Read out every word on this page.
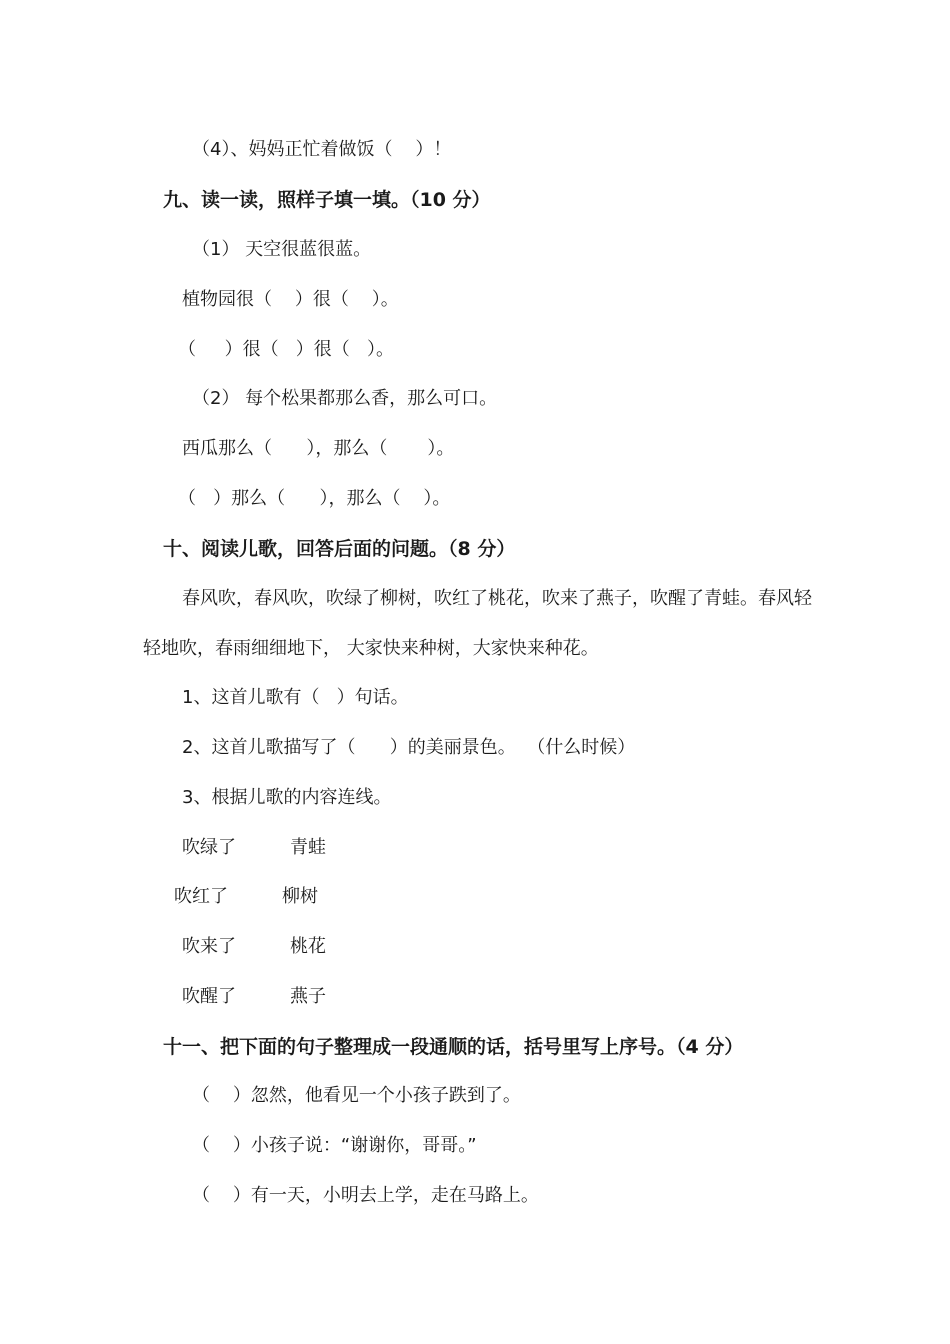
（4）、妈妈正忙着做饭（    ）！
九、读一读，照样子填一填。（10 分）
（1） 天空很蓝很蓝。
植物园很（    ）很（    ）。
（     ）很（   ）很（   ）。
（2） 每个松果都那么香，那么可口。
西瓜那么（      ），那么（       ）。
（   ）那么（      ），那么（    ）。
十、阅读儿歌，回答后面的问题。（8 分）
春风吹，春风吹，吹绿了柳树，吹红了桃花，吹来了燕子，吹醒了青蛙。春风轻
轻地吹，春雨细细地下， 大家快来种树，大家快来种花。
1、这首儿歌有（   ）句话。
2、这首儿歌描写了（      ）的美丽景色。  （什么时候）
3、根据儿歌的内容连线。
吹绿了	青蛙
吹红了	柳树
吹来了	桃花
吹醒了	燕子
十一、把下面的句子整理成一段通顺的话，括号里写上序号。（4 分）
（    ）忽然，他看见一个小孩子跌到了。
（    ）小孩子说：“谢谢你，哥哥。”
（    ）有一天，小明去上学，走在马路上。
